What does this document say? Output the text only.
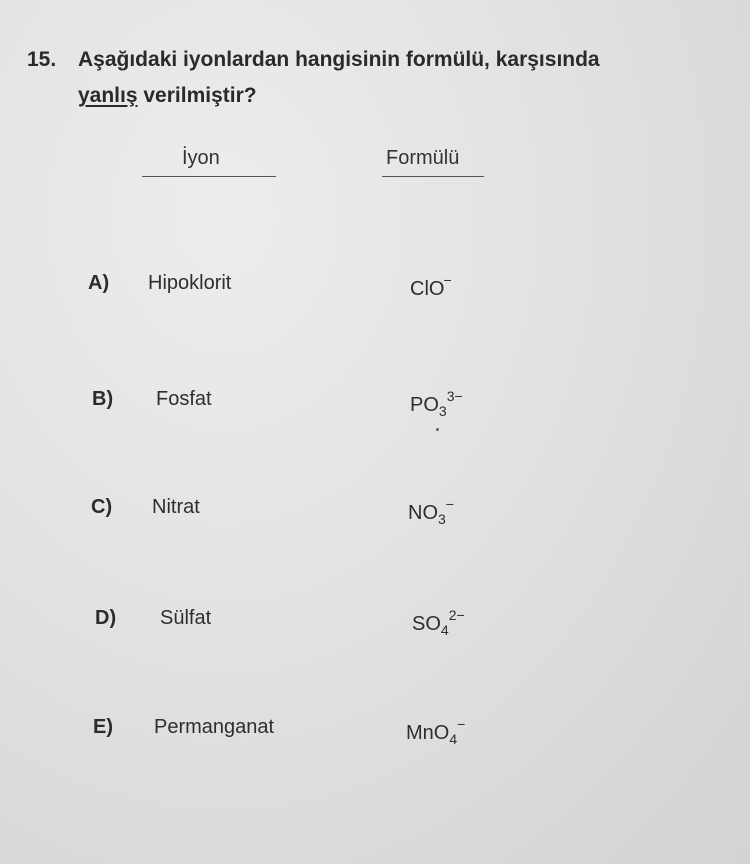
15. Aşağıdaki iyonlardan hangisinin formülü, karşısında
yanlış verilmiştir?
İyon	Formülü
A) Hipoklorit	ClO−
B) Fosfat	$PO_3^{3-}$
C) Nitrat	$NO_3^-$
D) Sülfat	$SO_4^{2-}$
E) Permanganat	MnO$_4$−
